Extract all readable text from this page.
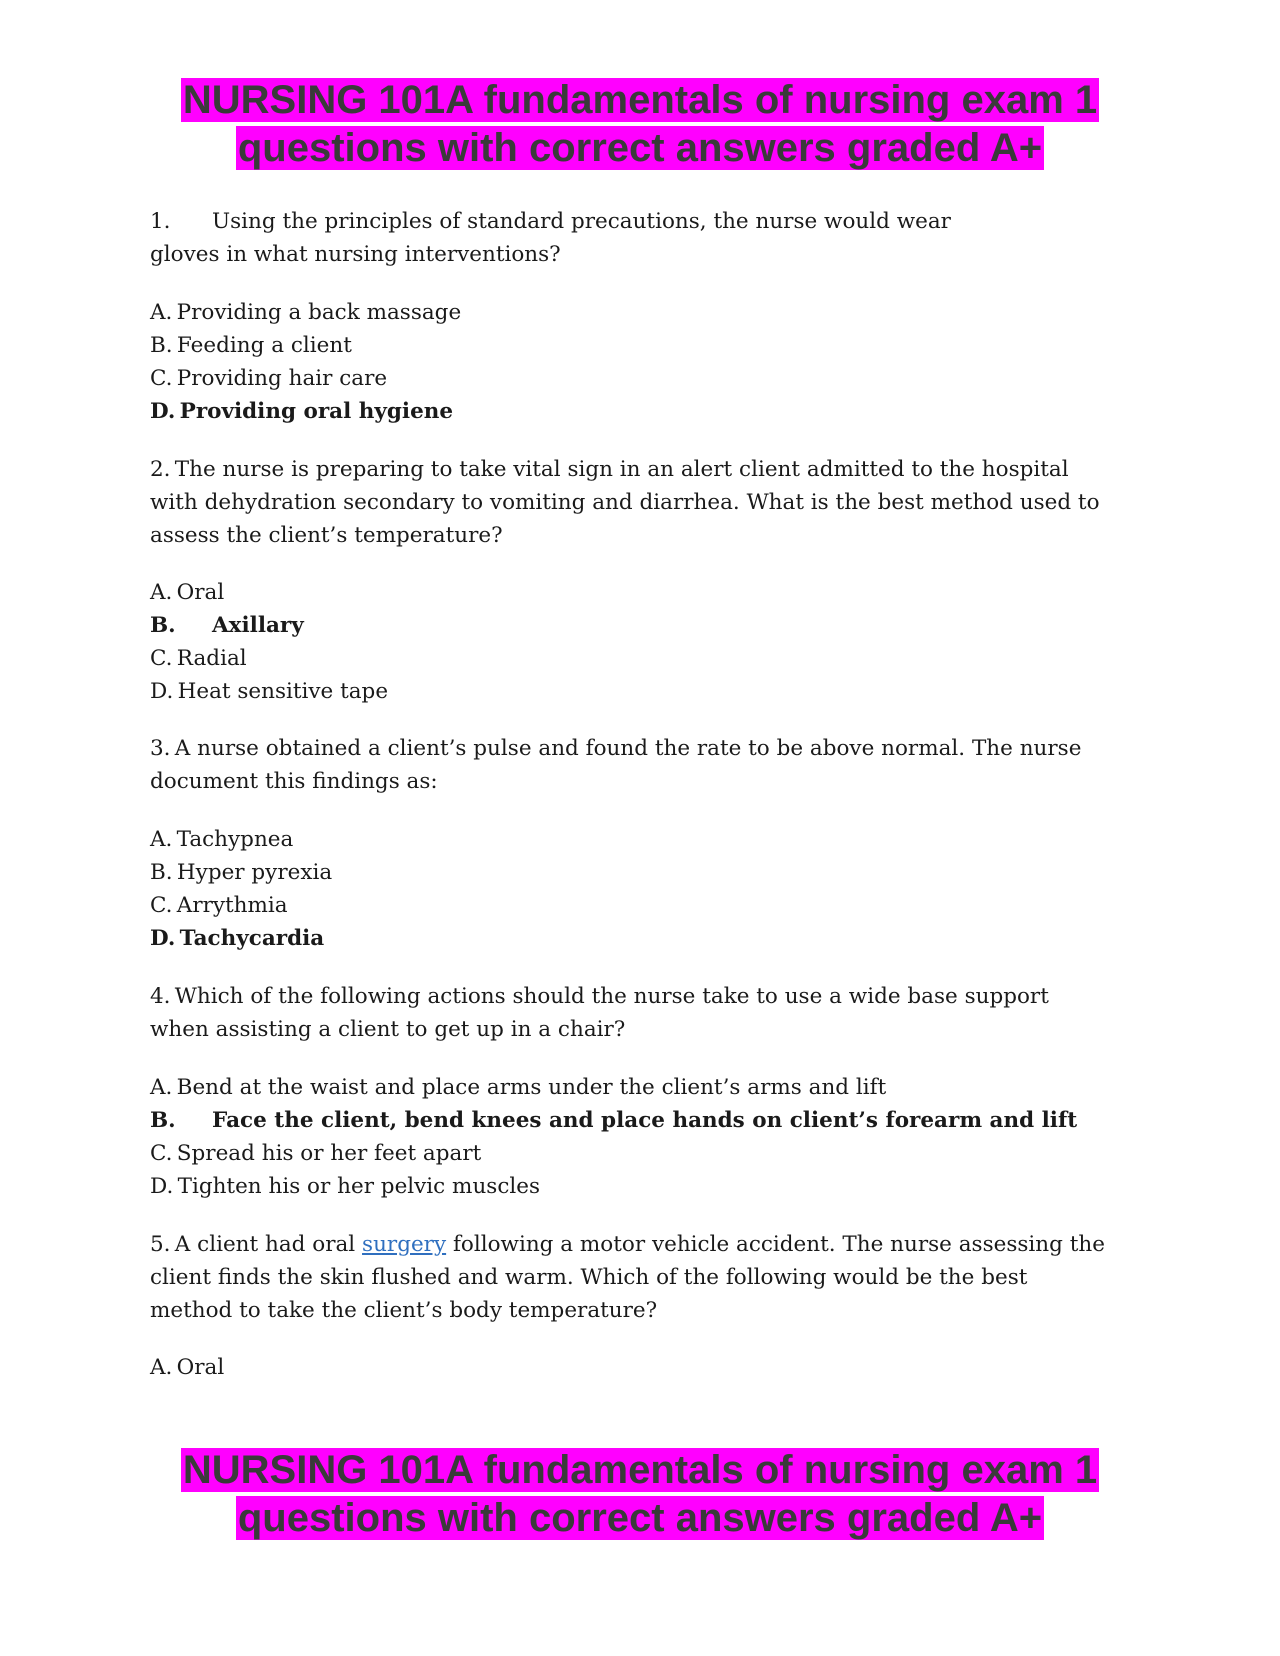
NURSING 101A fundamentals of nursing exam 1
questions with correct answers graded A+
1. Using the principles of standard precautions, the nurse would wear
gloves in what nursing interventions?
A. Providing a back massage
B. Feeding a client
C. Providing hair care
D. Providing oral hygiene
2. The nurse is preparing to take vital sign in an alert client admitted to the hospital
with dehydration secondary to vomiting and diarrhea. What is the best method used to
assess the client’s temperature?
A. Oral
B. Axillary
C. Radial
D. Heat sensitive tape
3. A nurse obtained a client’s pulse and found the rate to be above normal. The nurse
document this findings as:
A. Tachypnea
B. Hyper pyrexia
C. Arrythmia
D. Tachycardia
4. Which of the following actions should the nurse take to use a wide base support
when assisting a client to get up in a chair?
A. Bend at the waist and place arms under the client’s arms and lift
B. Face the client, bend knees and place hands on client’s forearm and lift
C. Spread his or her feet apart
D. Tighten his or her pelvic muscles
5. A client had oral surgery following a motor vehicle accident. The nurse assessing the
client finds the skin flushed and warm. Which of the following would be the best
method to take the client’s body temperature?
A. Oral
NURSING 101A fundamentals of nursing exam 1
questions with correct answers graded A+
